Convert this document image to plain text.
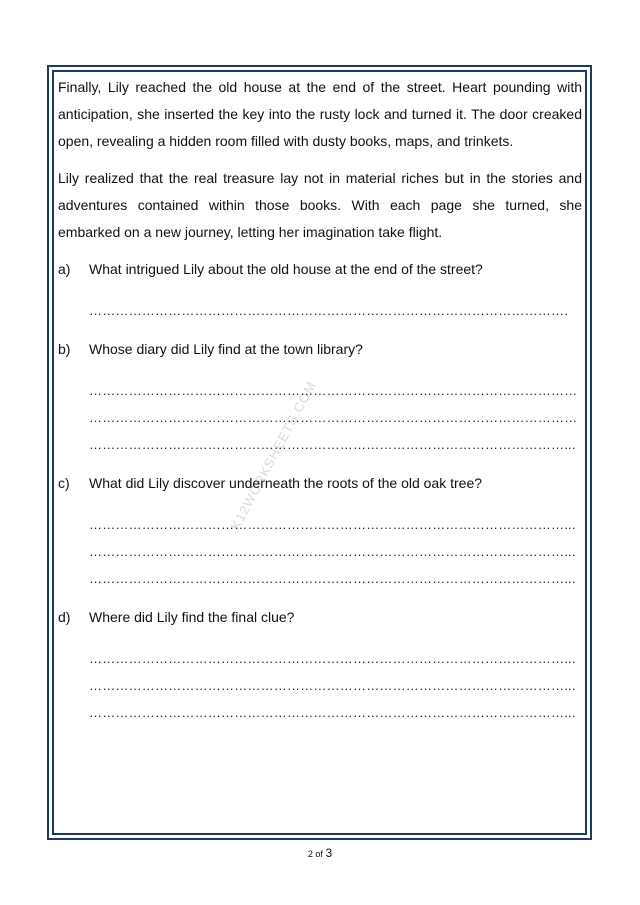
K12WORKSHEETS.COM

Finally, Lily reached the old house at the end of the street. Heart pounding with anticipation, she inserted the key into the rusty lock and turned it. The door creaked open, revealing a hidden room filled with dusty books, maps, and trinkets.

Lily realized that the real treasure lay not in material riches but in the stories and adventures contained within those books. With each page she turned, she embarked on a new journey, letting her imagination take flight.

a)	What intrigued Lily about the old house at the end of the street?
……………………………………………………………………………………………….
b)	Whose diary did Lily find at the town library?
…………………………………………………………………………………………………
…………………………………………………………………………………………………
………………………………………………………………………………………………...
c)	What did Lily discover underneath the roots of the old oak tree?
………………………………………………………………………………………………...
………………………………………………………………………………………………...
………………………………………………………………………………………………...
d)	Where did Lily find the final clue?
………………………………………………………………………………………………...
………………………………………………………………………………………………...
………………………………………………………………………………………………...
2 of 3
